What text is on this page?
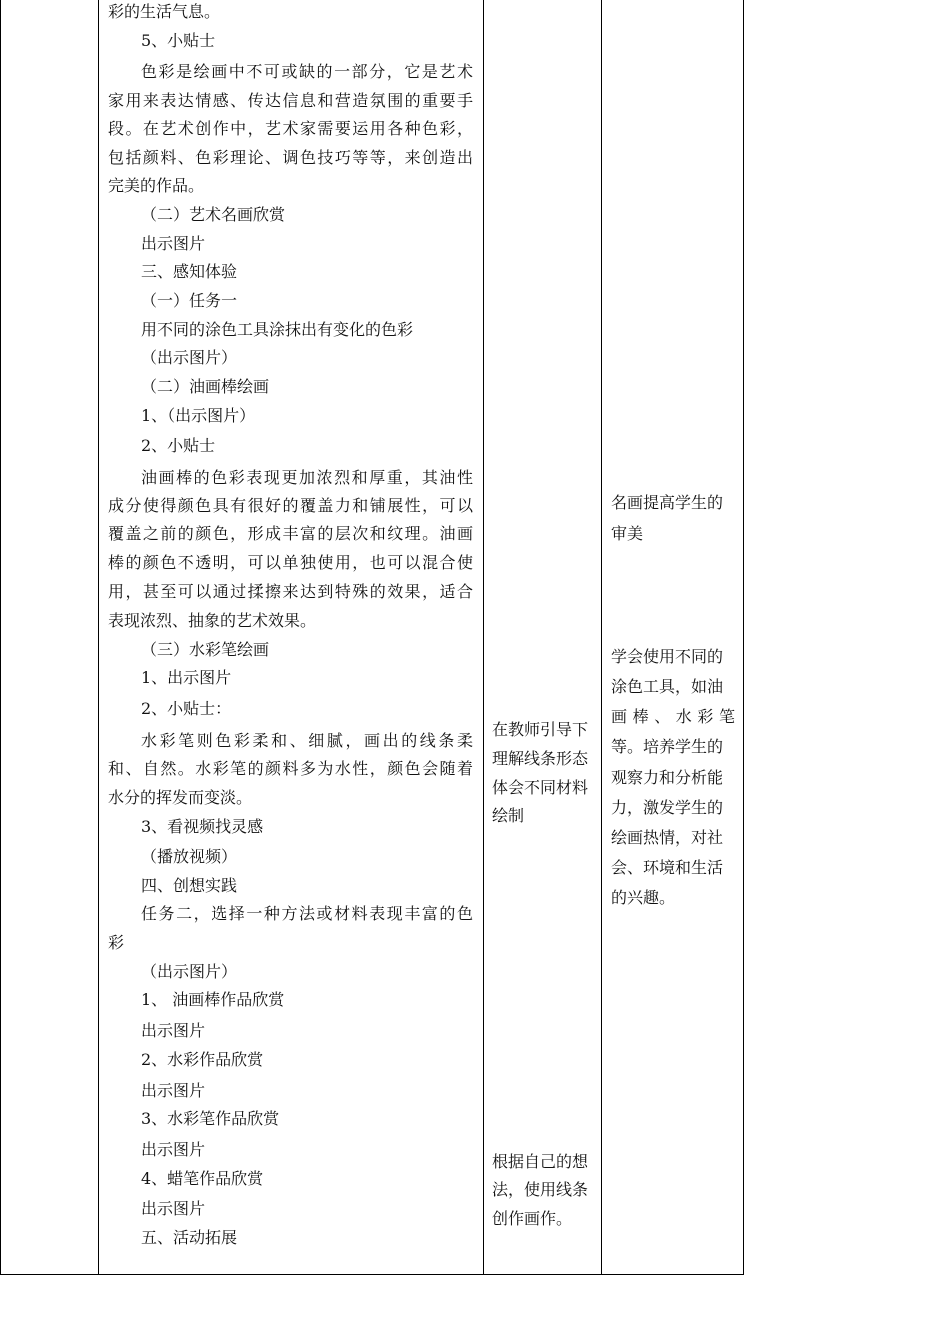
彩的生活气息。
5、小贴士
色彩是绘画中不可或缺的一部分，它是艺术
家用来表达情感、传达信息和营造氛围的重要手
段。在艺术创作中，艺术家需要运用各种色彩，
包括颜料、色彩理论、调色技巧等等，来创造出
完美的作品。
（二）艺术名画欣赏
出示图片
三、感知体验
（一）任务一
用不同的涂色工具涂抹出有变化的色彩
（出示图片）
（二）油画棒绘画
1、（出示图片）
2、小贴士
油画棒的色彩表现更加浓烈和厚重，其油性
成分使得颜色具有很好的覆盖力和铺展性，可以
覆盖之前的颜色，形成丰富的层次和纹理。油画
棒的颜色不透明，可以单独使用，也可以混合使
用，甚至可以通过揉擦来达到特殊的效果，适合
表现浓烈、抽象的艺术效果。
（三）水彩笔绘画
1、出示图片
2、小贴士：
水彩笔则色彩柔和、细腻，画出的线条柔
和、自然。水彩笔的颜料多为水性，颜色会随着
水分的挥发而变淡。
3、看视频找灵感
（播放视频）
四、创想实践
任务二，选择一种方法或材料表现丰富的色
彩
（出示图片）
1、 油画棒作品欣赏
出示图片
2、水彩作品欣赏
出示图片
3、水彩笔作品欣赏
出示图片
4、蜡笔作品欣赏
出示图片
五、活动拓展
在教师引导下
理解线条形态
体会不同材料
绘制
根据自己的想
法，使用线条
创作画作。
名画提高学生的
审美
学会使用不同的
涂色工具，如油
画棒、水彩笔
等。培养学生的
观察力和分析能
力，激发学生的
绘画热情，对社
会、环境和生活
的兴趣。
